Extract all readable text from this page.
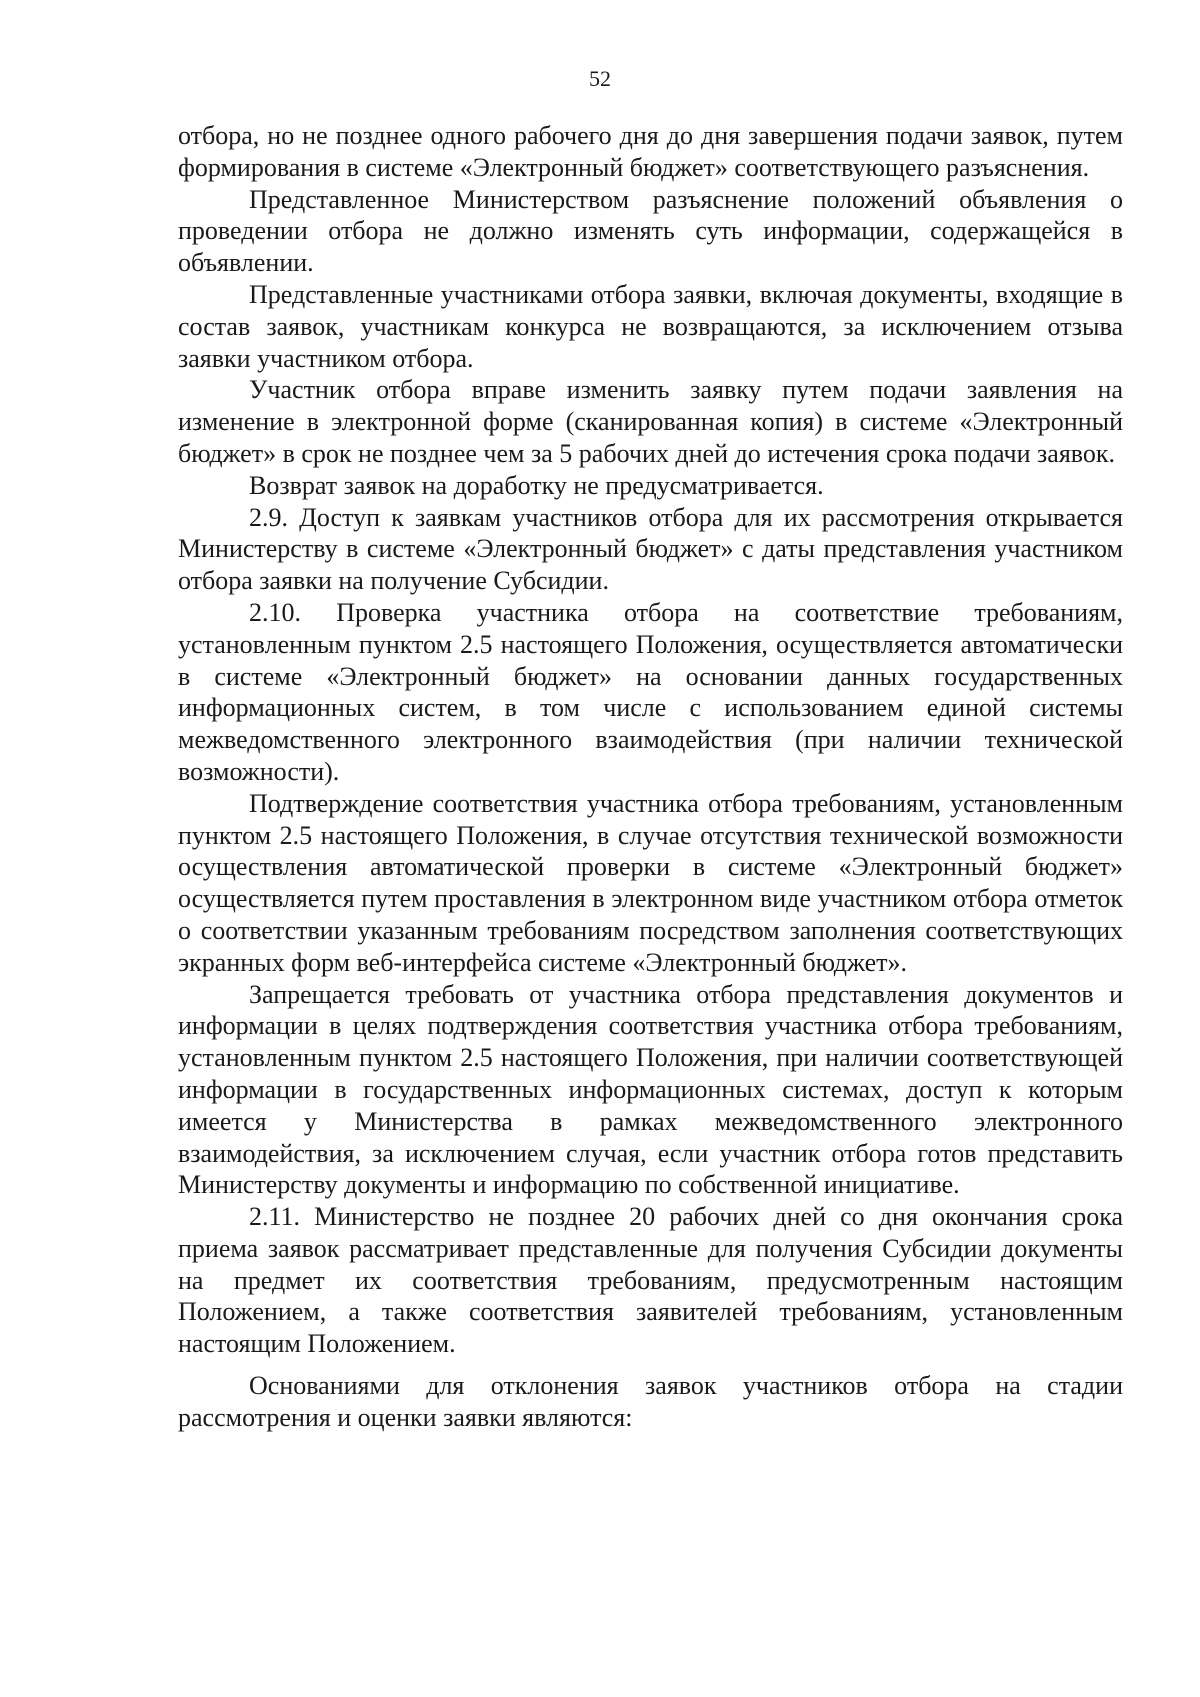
52

отбора, но не позднее одного рабочего дня до дня завершения подачи заявок, путем формирования в системе «Электронный бюджет» соответствующего разъяснения.

Представленное Министерством разъяснение положений объявления о проведении отбора не должно изменять суть информации, содержащейся в объявлении.

Представленные участниками отбора заявки, включая документы, входящие в состав заявок, участникам конкурса не возвращаются, за исключением отзыва заявки участником отбора.

Участник отбора вправе изменить заявку путем подачи заявления на изменение в электронной форме (сканированная копия) в системе «Электронный бюджет» в срок не позднее чем за 5 рабочих дней до истечения срока подачи заявок.

Возврат заявок на доработку не предусматривается.

2.9. Доступ к заявкам участников отбора для их рассмотрения открывается Министерству в системе «Электронный бюджет» с даты представления участником отбора заявки на получение Субсидии.

2.10. Проверка участника отбора на соответствие требованиям, установленным пунктом 2.5 настоящего Положения, осуществляется автоматически в системе «Электронный бюджет» на основании данных государственных информационных систем, в том числе с использованием единой системы межведомственного электронного взаимодействия (при наличии технической возможности).

Подтверждение соответствия участника отбора требованиям, установленным пунктом 2.5 настоящего Положения, в случае отсутствия технической возможности осуществления автоматической проверки в системе «Электронный бюджет» осуществляется путем проставления в электронном виде участником отбора отметок о соответствии указанным требованиям посредством заполнения соответствующих экранных форм веб-интерфейса системе «Электронный бюджет».

Запрещается требовать от участника отбора представления документов и информации в целях подтверждения соответствия участника отбора требованиям, установленным пунктом 2.5 настоящего Положения, при наличии соответствующей информации в государственных информационных системах, доступ к которым имеется у Министерства в рамках межведомственного электронного взаимодействия, за исключением случая, если участник отбора готов представить Министерству документы и информацию по собственной инициативе.

2.11. Министерство не позднее 20 рабочих дней со дня окончания срока приема заявок рассматривает представленные для получения Субсидии документы на предмет их соответствия требованиям, предусмотренным настоящим Положением, а также соответствия заявителей требованиям, установленным настоящим Положением.

Основаниями для отклонения заявок участников отбора на стадии рассмотрения и оценки заявки являются:
